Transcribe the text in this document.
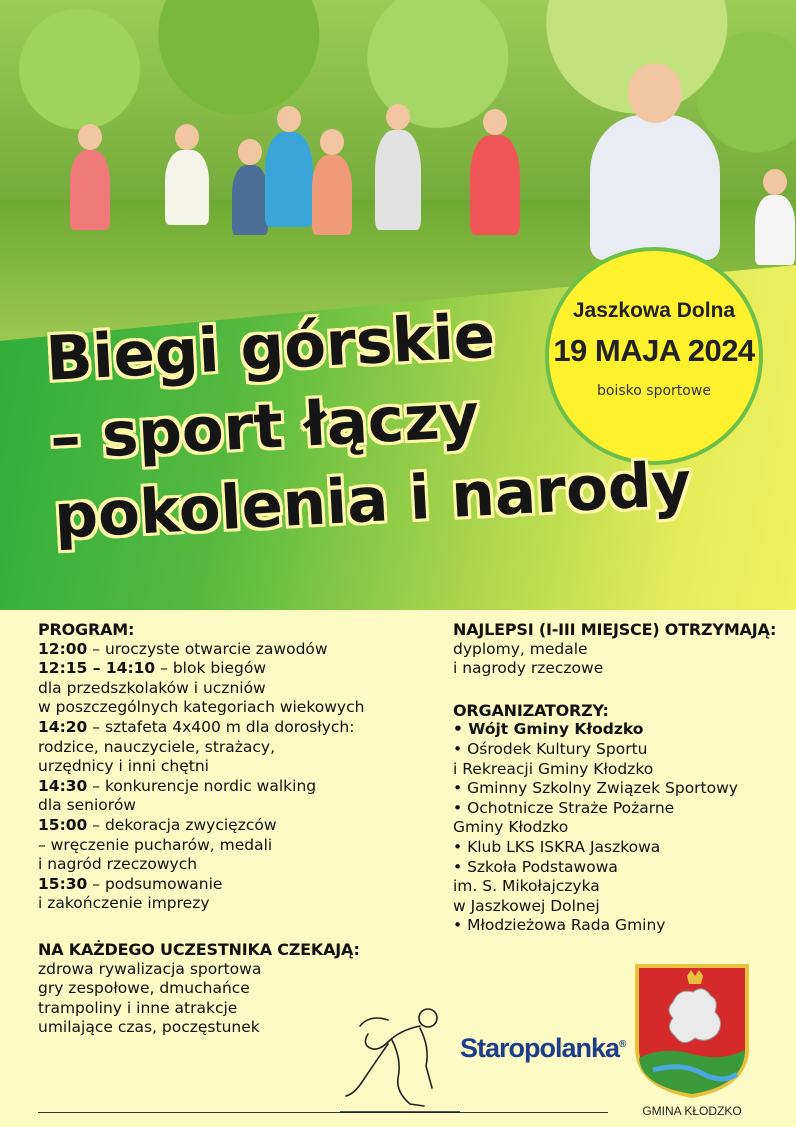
Jaszkowa Dolna
19 MAJA 2024
boisko sportowe
Biegi górskie
– sport łączy
pokolenia i narody
PROGRAM:
12:00 – uroczyste otwarcie zawodów
12:15 – 14:10 – blok biegów
dla przedszkolaków i uczniów
w poszczególnych kategoriach wiekowych
14:20 – sztafeta 4x400 m dla dorosłych:
rodzice, nauczyciele, strażacy,
urzędnicy i inni chętni
14:30 – konkurencje nordic walking
dla seniorów
15:00 – dekoracja zwycięzców
– wręczenie pucharów, medali
i nagród rzeczowych
15:30 – podsumowanie
i zakończenie imprezy
NA KAŻDEGO UCZESTNIKA CZEKAJĄ:
zdrowa rywalizacja sportowa
gry zespołowe, dmuchańce
trampoliny i inne atrakcje
umilające czas, poczęstunek
NAJLEPSI (I-III MIEJSCE) OTRZYMAJĄ:
dyplomy, medale
i nagrody rzeczowe
ORGANIZATORZY:
• Wójt Gminy Kłodzko
• Ośrodek Kultury Sportu
i Rekreacji Gminy Kłodzko
• Gminny Szkolny Związek Sportowy
• Ochotnicze Straże Pożarne
Gminy Kłodzko
• Klub LKS ISKRA Jaszkowa
• Szkoła Podstawowa
im. S. Mikołajczyka
w Jaszkowej Dolnej
• Młodzieżowa Rada Gminy
Staropolanka®
GMINA KŁODZKO
